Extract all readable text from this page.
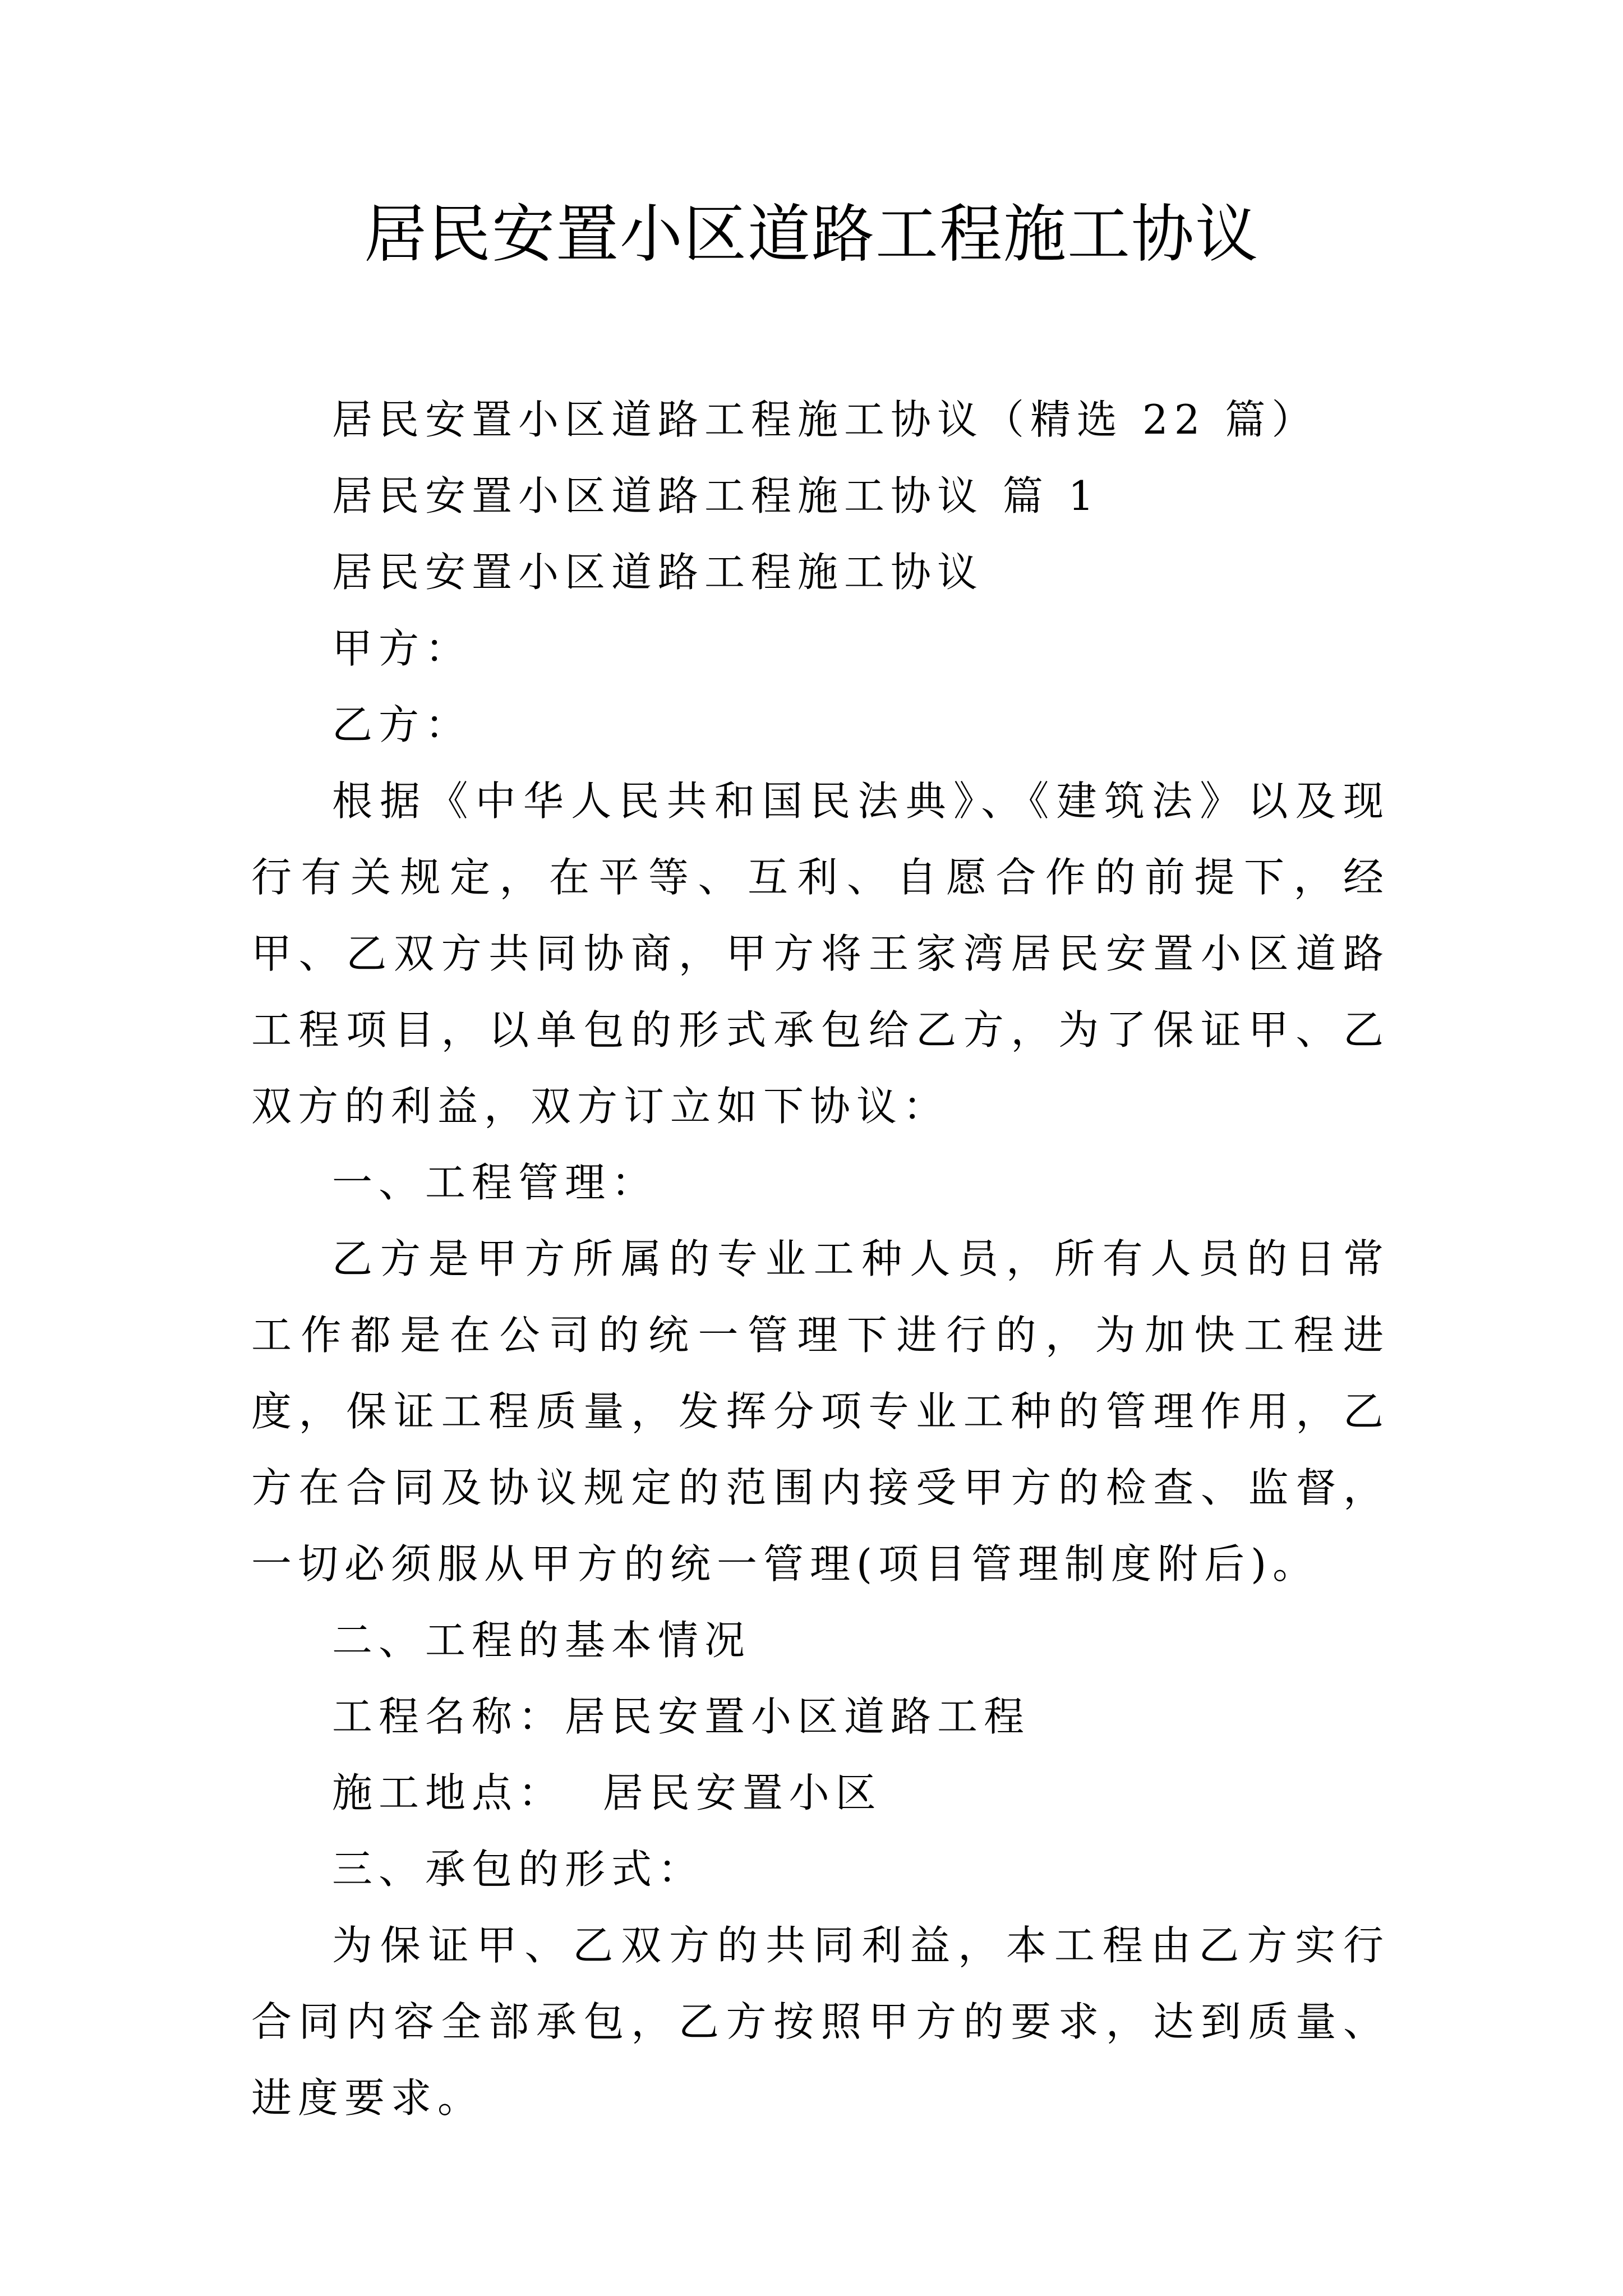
居民安置小区道路工程施工协议

居民安置小区道路工程施工协议（精选 22 篇）

居民安置小区道路工程施工协议 篇 1

居民安置小区道路工程施工协议

甲方：

乙方：

根据《中华人民共和国民法典》、《建筑法》以及现行有关规定，在平等、互利、自愿合作的前提下，经甲、乙双方共同协商，甲方将王家湾居民安置小区道路工程项目，以单包的形式承包给乙方，为了保证甲、乙双方的利益，双方订立如下协议：

一、工程管理：

乙方是甲方所属的专业工种人员，所有人员的日常工作都是在公司的统一管理下进行的，为加快工程进度，保证工程质量，发挥分项专业工种的管理作用，乙方在合同及协议规定的范围内接受甲方的检查、监督，一切必须服从甲方的统一管理(项目管理制度附后)。

二、工程的基本情况

工程名称：居民安置小区道路工程

施工地点：  居民安置小区

三、承包的形式：

为保证甲、乙双方的共同利益，本工程由乙方实行合同内容全部承包，乙方按照甲方的要求，达到质量、进度要求。
